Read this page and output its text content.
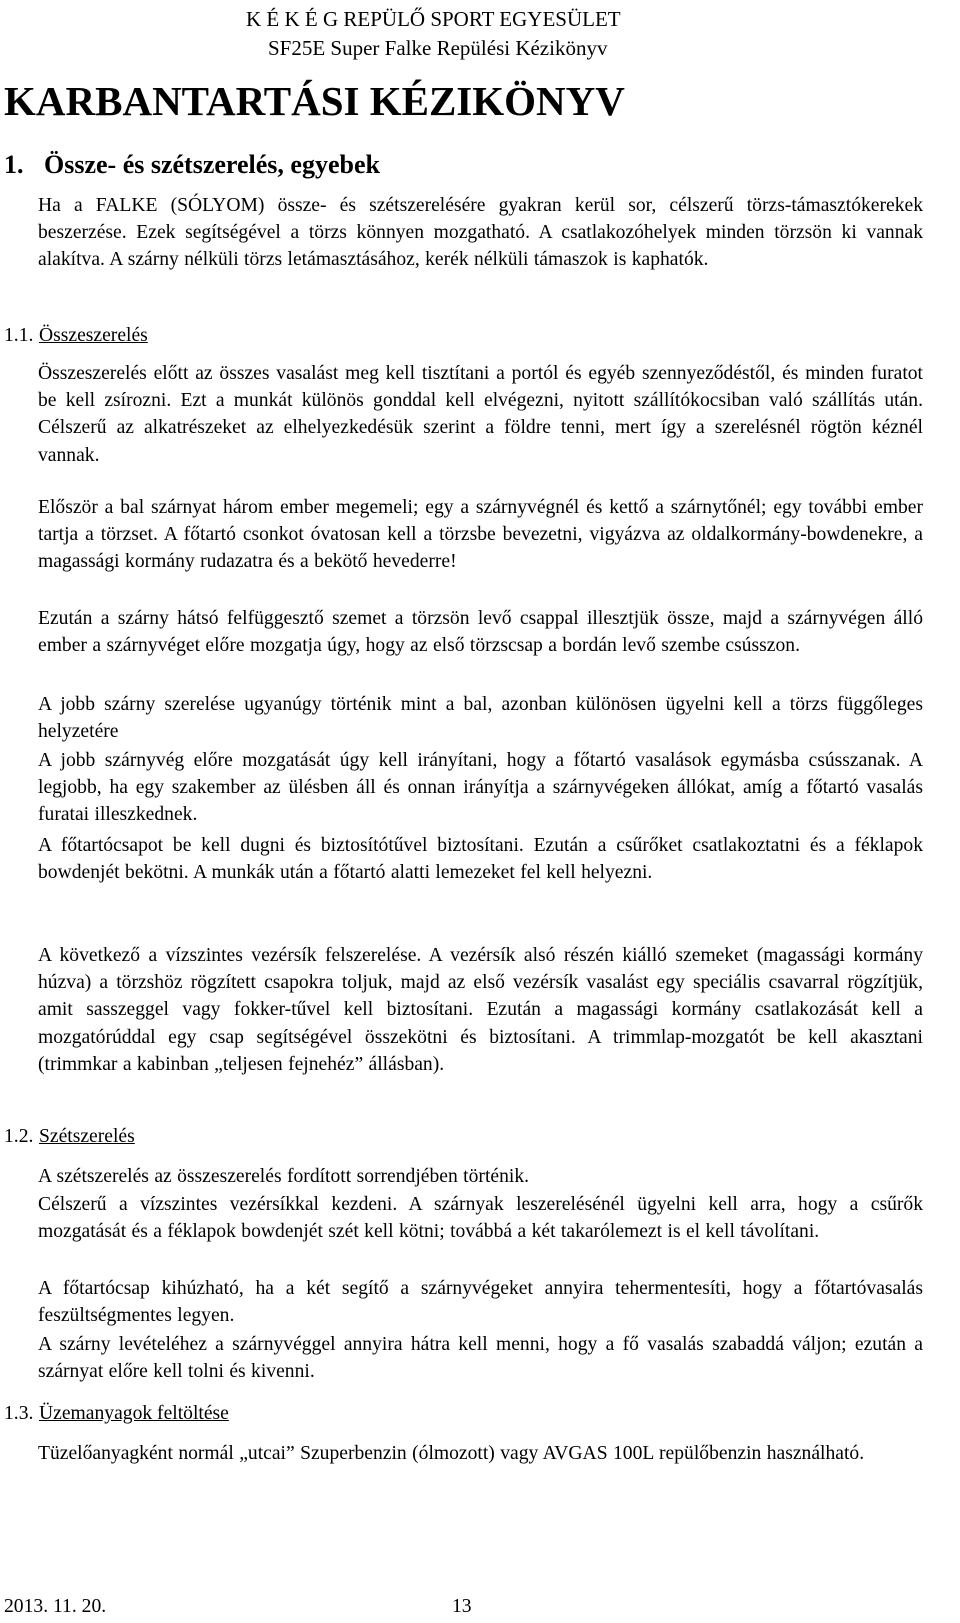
K É K É G REPÜLŐ SPORT EGYESÜLET
SF25E Super Falke Repülési Kézikönyv
KARBANTARTÁSI KÉZIKÖNYV
1. Össze- és szétszerelés, egyebek
Ha a FALKE (SÓLYOM) össze- és szétszerelésére gyakran kerül sor, célszerű törzs-támasztókerekek beszerzése. Ezek segítségével a törzs könnyen mozgatható. A csatlakozóhelyek minden törzsön ki vannak alakítva. A szárny nélküli törzs letámasztásához, kerék nélküli támaszok is kaphatók.
1.1. Összeszerelés
Összeszerelés előtt az összes vasalást meg kell tisztítani a portól és egyéb szennyeződéstől, és minden furatot be kell zsírozni. Ezt a munkát különös gonddal kell elvégezni, nyitott szállítókocsiban való szállítás után. Célszerű az alkatrészeket az elhelyezkedésük szerint a földre tenni, mert így a szerelésnél rögtön kéznél vannak.
Először a bal szárnyat három ember megemeli; egy a szárnyvégnél és kettő a szárnytőnél; egy további ember tartja a törzset. A főtartó csonkot óvatosan kell a törzsbe bevezetni, vigyázva az oldalkormány-bowdenekre, a magassági kormány rudazatra és a bekötő hevederre!
Ezután a szárny hátsó felfüggesztő szemet a törzsön levő csappal illesztjük össze, majd a szárnyvégen álló ember a szárnyvéget előre mozgatja úgy, hogy az első törzscsap a bordán levő szembe csússzon.
A jobb szárny szerelése ugyanúgy történik mint a bal, azonban különösen ügyelni kell a törzs függőleges helyzetére
A jobb szárnyvég előre mozgatását úgy kell irányítani, hogy a főtartó vasalások egymásba csússzanak. A legjobb, ha egy szakember az ülésben áll és onnan irányítja a szárnyvégeken állókat, amíg a főtartó vasalás furatai illeszkednek.
A főtartócsapot be kell dugni és biztosítótűvel biztosítani. Ezután a csűrőket csatlakoztatni és a féklapok bowdenjét bekötni. A munkák után a főtartó alatti lemezeket fel kell helyezni.
A következő a vízszintes vezérsík felszerelése. A vezérsík alsó részén kiálló szemeket (magassági kormány húzva) a törzshöz rögzített csapokra toljuk, majd az első vezérsík vasalást egy speciális csavarral rögzítjük, amit sasszeggel vagy fokker-tűvel kell biztosítani. Ezután a magassági kormány csatlakozását kell a mozgatórúddal egy csap segítségével összekötni és biztosítani. A trimmlap-mozgatót be kell akasztani (trimmkar a kabinban „teljesen fejnehéz” állásban).
1.2. Szétszerelés
A szétszerelés az összeszerelés fordított sorrendjében történik.
Célszerű a vízszintes vezérsíkkal kezdeni. A szárnyak leszerelésénél ügyelni kell arra, hogy a csűrők mozgatását és a féklapok bowdenjét szét kell kötni; továbbá a két takarólemezt is el kell távolítani.
A főtartócsap kihúzható, ha a két segítő a szárnyvégeket annyira tehermentesíti, hogy a főtartóvasalás feszültségmentes legyen.
A szárny levételéhez a szárnyvéggel annyira hátra kell menni, hogy a fő vasalás szabaddá váljon; ezután a szárnyat előre kell tolni és kivenni.
1.3. Üzemanyagok feltöltése
Tüzelőanyagként normál „utcai” Szuperbenzin (ólmozott) vagy AVGAS 100L repülőbenzin használható.
2013. 11. 20.	13
